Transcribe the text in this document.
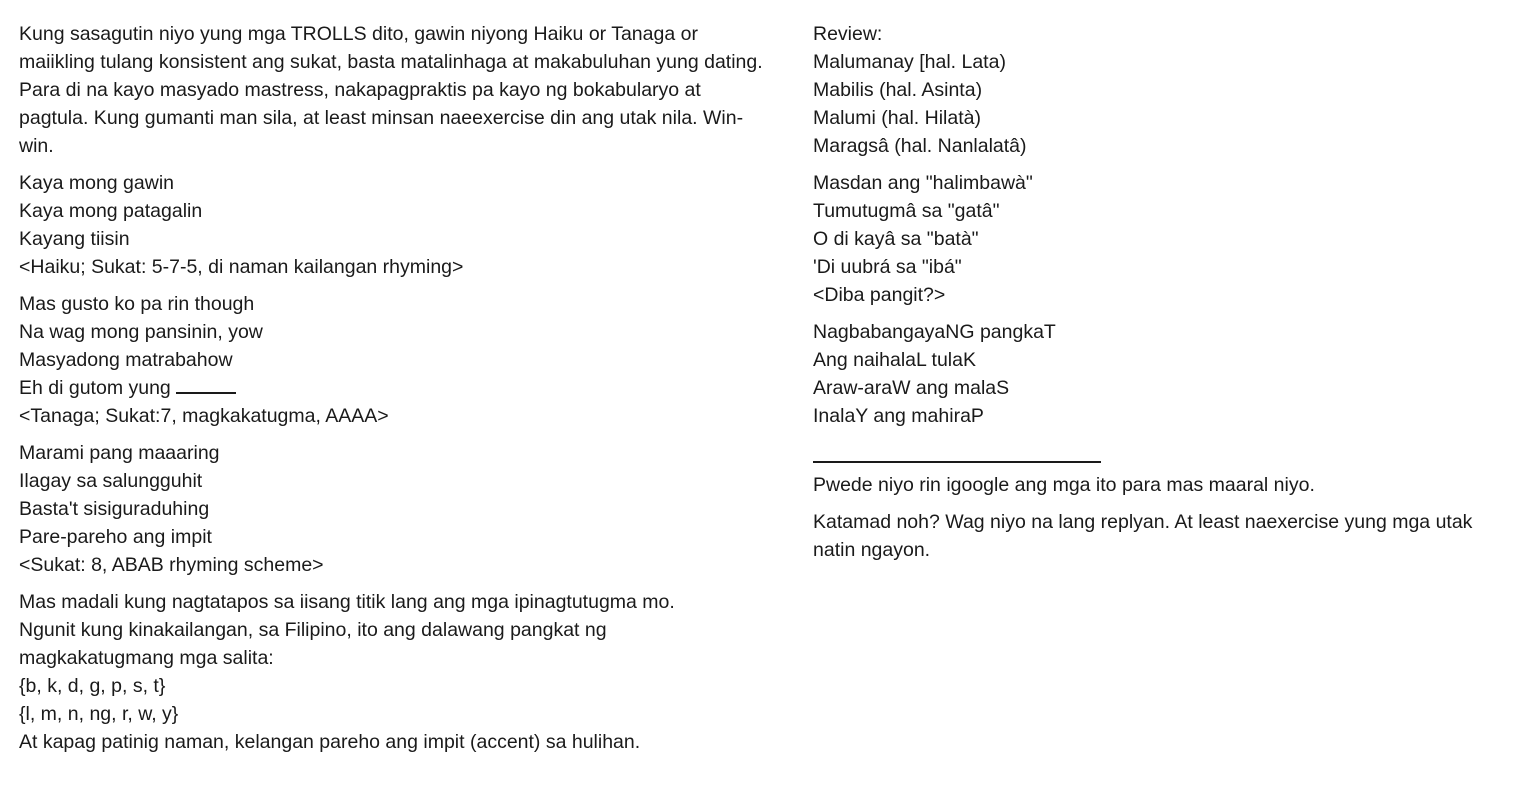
Kung sasagutin niyo yung mga TROLLS dito, gawin niyong Haiku or Tanaga or maiikling tulang konsistent ang sukat, basta matalinhaga at makabuluhan yung dating. Para di na kayo masyado mastress, nakapagpraktis pa kayo ng bokabularyo at pagtula. Kung gumanti man sila, at least minsan naeexercise din ang utak nila. Win-win.

Kaya mong gawin
Kaya mong patagalin
Kayang tiisin
<Haiku; Sukat: 5-7-5, di naman kailangan rhyming>
Mas gusto ko pa rin though
Na wag mong pansinin, yow
Masyadong matrabahow
Eh di gutom yung
<Tanaga; Sukat:7, magkakatugma, AAAA>
Marami pang maaaring
Ilagay sa salungguhit
Basta't sisiguraduhing
Pare-pareho ang impit
<Sukat: 8, ABAB rhyming scheme>
Mas madali kung nagtatapos sa iisang titik lang ang mga ipinagtutugma mo.
Ngunit kung kinakailangan, sa Filipino, ito ang dalawang pangkat ng
magkakatugmang mga salita:
{b, k, d, g, p, s, t}
{l, m, n, ng, r, w, y}
At kapag patinig naman, kelangan pareho ang impit (accent) sa hulihan.
Review:
Malumanay [hal. Lata)
Mabilis (hal. Asinta)
Malumi (hal. Hilatà)
Maragsâ (hal. Nanlalatâ)
Masdan ang "halimbawà"
Tumutugmâ sa "gatâ"
O di kayâ sa "batà"
'Di uubrá sa "ibá"
<Diba pangit?>
NagbabangayaNG pangkaT
Ang naihalaL tulaK
Araw-araW ang malaS
InalaY ang mahiraP

Pwede niyo rin igoogle ang mga ito para mas maaral niyo.

Katamad noh? Wag niyo na lang replyan. At least naexercise yung mga utak
natin ngayon.
